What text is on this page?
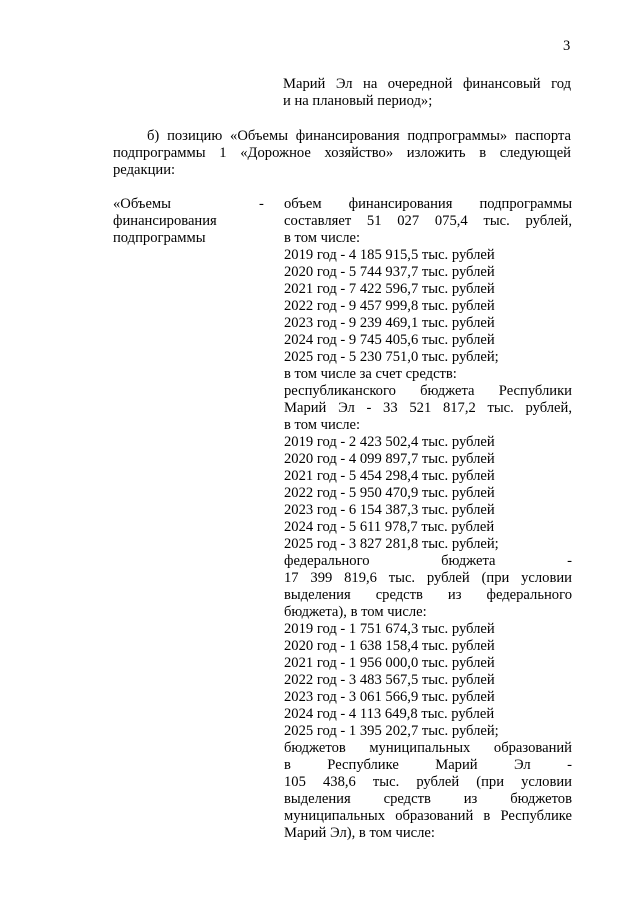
3
Марий Эл на очередной финансовый год
и на плановый период»;
б) позицию «Объемы финансирования подпрограммы» паспорта
подпрограммы 1 «Дорожное хозяйство» изложить в следующей
редакции:
«Объемы
финансирования
подпрограммы
- объем финансирования подпрограммы
составляет 51 027 075,4 тыс. рублей,
в том числе:
2019 год - 4 185 915,5 тыс. рублей
2020 год - 5 744 937,7 тыс. рублей
2021 год - 7 422 596,7 тыс. рублей
2022 год - 9 457 999,8 тыс. рублей
2023 год - 9 239 469,1 тыс. рублей
2024 год - 9 745 405,6 тыс. рублей
2025 год - 5 230 751,0 тыс. рублей;
в том числе за счет средств:
республиканского бюджета Республики
Марий Эл - 33 521 817,2 тыс. рублей,
в том числе:
2019 год - 2 423 502,4 тыс. рублей
2020 год - 4 099 897,7 тыс. рублей
2021 год - 5 454 298,4 тыс. рублей
2022 год - 5 950 470,9 тыс. рублей
2023 год - 6 154 387,3 тыс. рублей
2024 год - 5 611 978,7 тыс. рублей
2025 год - 3 827 281,8 тыс. рублей;
федерального бюджета -
17 399 819,6 тыс. рублей (при условии
выделения средств из федерального
бюджета), в том числе:
2019 год - 1 751 674,3 тыс. рублей
2020 год - 1 638 158,4 тыс. рублей
2021 год - 1 956 000,0 тыс. рублей
2022 год - 3 483 567,5 тыс. рублей
2023 год - 3 061 566,9 тыс. рублей
2024 год - 4 113 649,8 тыс. рублей
2025 год - 1 395 202,7 тыс. рублей;
бюджетов муниципальных образований
в Республике Марий Эл -
105 438,6 тыс. рублей (при условии
выделения средств из бюджетов
муниципальных образований в Республике
Марий Эл), в том числе:
